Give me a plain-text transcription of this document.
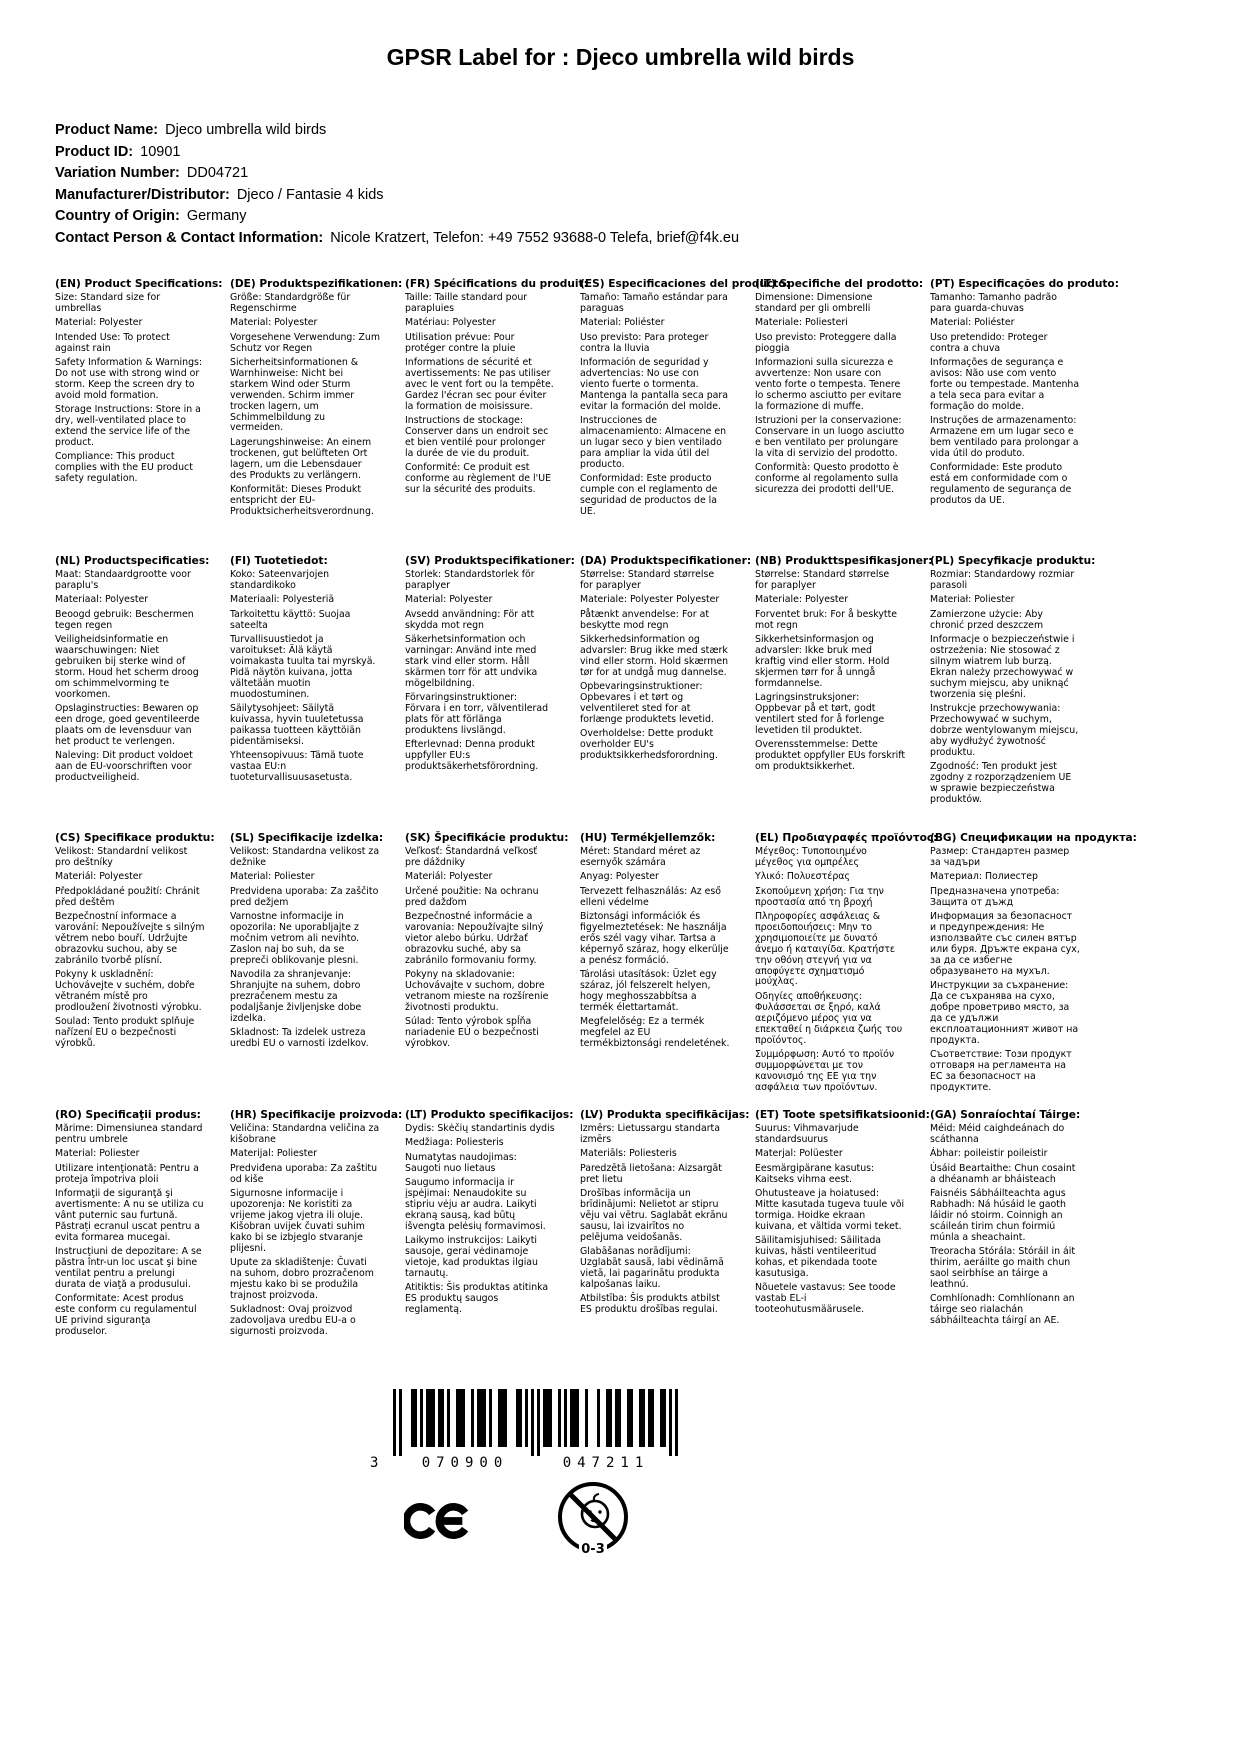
GPSR Label for : Djeco umbrella wild birds
Product Name: Djeco umbrella wild birds
Product ID: 10901
Variation Number: DD04721
Manufacturer/Distributor: Djeco / Fantasie 4 kids
Country of Origin: Germany
Contact Person & Contact Information: Nicole Kratzert, Telefon: +49 7552 93688-0 Telefa, brief@f4k.eu
(EN) Product Specifications:
Size: Standard size for umbrellas
Material: Polyester
Intended Use: To protect against rain
Safety Information & Warnings: Do not use with strong wind or storm. Keep the screen dry to avoid mold formation.
Storage Instructions: Store in a dry, well-ventilated place to extend the service life of the product.
Compliance: This product complies with the EU product safety regulation.
(DE) Produktspezifikationen:
Größe: Standardgröße für Regenschirme
Material: Polyester
Vorgesehene Verwendung: Zum Schutz vor Regen
Sicherheitsinformationen & Warnhinweise: Nicht bei starkem Wind oder Sturm verwenden. Schirm immer trocken lagern, um Schimmelbildung zu vermeiden.
Lagerungshinweise: An einem trockenen, gut belüfteten Ort lagern, um die Lebensdauer des Produkts zu verlängern.
Konformität: Dieses Produkt entspricht der EU-Produktsicherheitsverordnung.
(FR) Spécifications du produit:
Taille: Taille standard pour parapluies
Matériau: Polyester
Utilisation prévue: Pour protéger contre la pluie
Informations de sécurité et avertissements: Ne pas utiliser avec le vent fort ou la tempête. Gardez l'écran sec pour éviter la formation de moisissure.
Instructions de stockage: Conserver dans un endroit sec et bien ventilé pour prolonger la durée de vie du produit.
Conformité: Ce produit est conforme au règlement de l'UE sur la sécurité des produits.
(ES) Especificaciones del producto:
Tamaño: Tamaño estándar para paraguas
Material: Poliéster
Uso previsto: Para proteger contra la lluvia
Información de seguridad y advertencias: No use con viento fuerte o tormenta. Mantenga la pantalla seca para evitar la formación del molde.
Instrucciones de almacenamiento: Almacene en un lugar seco y bien ventilado para ampliar la vida útil del producto.
Conformidad: Este producto cumple con el reglamento de seguridad de productos de la UE.
(IT) Specifiche del prodotto:
Dimensione: Dimensione standard per gli ombrelli
Materiale: Poliesteri
Uso previsto: Proteggere dalla pioggia
Informazioni sulla sicurezza e avvertenze: Non usare con vento forte o tempesta. Tenere lo schermo asciutto per evitare la formazione di muffe.
Istruzioni per la conservazione: Conservare in un luogo asciutto e ben ventilato per prolungare la vita di servizio del prodotto.
Conformità: Questo prodotto è conforme al regolamento sulla sicurezza dei prodotti dell'UE.
(PT) Especificações do produto:
Tamanho: Tamanho padrão para guarda-chuvas
Material: Poliéster
Uso pretendido: Proteger contra a chuva
Informações de segurança e avisos: Não use com vento forte ou tempestade. Mantenha a tela seca para evitar a formação do molde.
Instruções de armazenamento: Armazene em um lugar seco e bem ventilado para prolongar a vida útil do produto.
Conformidade: Este produto está em conformidade com o regulamento de segurança de produtos da UE.
(NL) Productspecificaties:
Maat: Standaardgrootte voor paraplu's
Materiaal: Polyester
Beoogd gebruik: Beschermen tegen regen
Veiligheidsinformatie en waarschuwingen: Niet gebruiken bij sterke wind of storm. Houd het scherm droog om schimmelvorming te voorkomen.
Opslaginstructies: Bewaren op een droge, goed geventileerde plaats om de levensduur van het product te verlengen.
Naleving: Dit product voldoet aan de EU-voorschriften voor productveiligheid.
(FI) Tuotetiedot:
Koko: Sateenvarjojen standardikoko
Materiaali: Polyesteriä
Tarkoitettu käyttö: Suojaa sateelta
Turvallisuustiedot ja varoitukset: Älä käytä voimakasta tuulta tai myrskyä. Pidä näytön kuivana, jotta vältetään muotin muodostuminen.
Säilytysohjeet: Säilytä kuivassa, hyvin tuuletetussa paikassa tuotteen käyttöiän pidentämiseksi.
Yhteensopivuus: Tämä tuote vastaa EU:n tuoteturvallisuusasetusta.
(SV) Produktspecifikationer:
Storlek: Standardstorlek för paraplyer
Material: Polyester
Avsedd användning: För att skydda mot regn
Säkerhetsinformation och varningar: Använd inte med stark vind eller storm. Håll skärmen torr för att undvika mögelbildning.
Förvaringsinstruktioner: Förvara i en torr, välventilerad plats för att förlänga produktens livslängd.
Efterlevnad: Denna produkt uppfyller EU:s produktsäkerhetsförordning.
(DA) Produktspecifikationer:
Størrelse: Standard størrelse for paraplyer
Materiale: Polyester Polyester
Påtænkt anvendelse: For at beskytte mod regn
Sikkerhedsinformation og advarsler: Brug ikke med stærk vind eller storm. Hold skærmen tør for at undgå mug dannelse.
Opbevaringsinstruktioner: Opbevares i et tørt og velventileret sted for at forlænge produktets levetid.
Overholdelse: Dette produkt overholder EU's produktsikkerhedsforordning.
(NB) Produkttspesifikasjoner:
Størrelse: Standard størrelse for paraplyer
Materiale: Polyester
Forventet bruk: For å beskytte mot regn
Sikkerhetsinformasjon og advarsler: Ikke bruk med kraftig vind eller storm. Hold skjermen tørr for å unngå formdannelse.
Lagringsinstruksjoner: Oppbevar på et tørt, godt ventilert sted for å forlenge levetiden til produktet.
Overensstemmelse: Dette produktet oppfyller EUs forskrift om produktsikkerhet.
(PL) Specyfikacje produktu:
Rozmiar: Standardowy rozmiar parasoli
Materiał: Poliester
Zamierzone użycie: Aby chronić przed deszczem
Informacje o bezpieczeństwie i ostrzeżenia: Nie stosować z silnym wiatrem lub burzą. Ekran należy przechowywać w suchym miejscu, aby uniknąć tworzenia się pleśni.
Instrukcje przechowywania: Przechowywać w suchym, dobrze wentylowanym miejscu, aby wydłużyć żywotność produktu.
Zgodność: Ten produkt jest zgodny z rozporządzeniem UE w sprawie bezpieczeństwa produktów.
(CS) Specifikace produktu:
Velikost: Standardní velikost pro deštníky
Materiál: Polyester
Předpokládané použití: Chránit před deštěm
Bezpečnostní informace a varování: Nepoužívejte s silným větrem nebo bouří. Udržujte obrazovku suchou, aby se zabránilo tvorbě plísní.
Pokyny k uskladnění: Uchovávejte v suchém, dobře větraném místě pro prodloužení životnosti výrobku.
Soulad: Tento produkt splňuje nařízení EU o bezpečnosti výrobků.
(SL) Specifikacije izdelka:
Velikost: Standardna velikost za dežnike
Material: Poliester
Predvidena uporaba: Za zaščito pred dežjem
Varnostne informacije in opozorila: Ne uporabljajte z močnim vetrom ali nevihto. Zaslon naj bo suh, da se prepreči oblikovanje plesni.
Navodila za shranjevanje: Shranjujte na suhem, dobro prezračenem mestu za podaljšanje življenjske dobe izdelka.
Skladnost: Ta izdelek ustreza uredbi EU o varnosti izdelkov.
(SK) Špecifikácie produktu:
Veľkosť: Štandardná veľkosť pre dáždniky
Materiál: Polyester
Určené použitie: Na ochranu pred dažďom
Bezpečnostné informácie a varovania: Nepoužívajte silný vietor alebo búrku. Udržať obrazovku suché, aby sa zabránilo formovaniu formy.
Pokyny na skladovanie: Uchovávajte v suchom, dobre vetranom mieste na rozšírenie životnosti produktu.
Súlad: Tento výrobok spĺňa nariadenie EÚ o bezpečnosti výrobkov.
(HU) Termékjellemzők:
Méret: Standard méret az esernyők számára
Anyag: Polyester
Tervezett felhasználás: Az eső elleni védelme
Biztonsági információk és figyelmeztetések: Ne használja erős szél vagy vihar. Tartsa a képernyő száraz, hogy elkerülje a penész formáció.
Tárolási utasítások: Üzlet egy száraz, jól felszerelt helyen, hogy meghosszabbítsa a termék élettartamát.
Megfelelőség: Ez a termék megfelel az EU termékbiztonsági rendeletének.
(EL) Προδιαγραφές προϊόντος:
Μέγεθος: Τυποποιημένο μέγεθος για ομπρέλες
Υλικό: Πολυεστέρας
Σκοπούμενη χρήση: Για την προστασία από τη βροχή
Πληροφορίες ασφάλειας & προειδοποιήσεις: Μην το χρησιμοποιείτε με δυνατό άνεμο ή καταιγίδα. Κρατήστε την οθόνη στεγνή για να αποφύγετε σχηματισμό μούχλας.
Οδηγίες αποθήκευσης: Φυλάσσεται σε ξηρό, καλά αεριζόμενο μέρος για να επεκταθεί η διάρκεια ζωής του προϊόντος.
Συμμόρφωση: Αυτό το προϊόν συμμορφώνεται με τον κανονισμό της ΕΕ για την ασφάλεια των προϊόντων.
(BG) Спецификации на продукта:
Размер: Стандартен размер за чадъри
Материал: Полиестер
Предназначена употреба: Защита от дъжд
Информация за безопасност и предупреждения: Не използвайте със силен вятър или буря. Дръжте екрана сух, за да се избегне образуването на мухъл.
Инструкции за съхранение: Да се съхранява на сухо, добре проветриво място, за да се удължи експлоатационният живот на продукта.
Съответствие: Този продукт отговаря на регламента на ЕС за безопасност на продуктите.
(RO) Specificaţii produs:
Mărime: Dimensiunea standard pentru umbrele
Material: Poliester
Utilizare intenţionată: Pentru a proteja împotriva ploii
Informaţii de siguranţă şi avertismente: A nu se utiliza cu vânt puternic sau furtună. Păstrați ecranul uscat pentru a evita formarea mucegai.
Instrucţiuni de depozitare: A se păstra într-un loc uscat şi bine ventilat pentru a prelungi durata de viaţă a produsului.
Conformitate: Acest produs este conform cu regulamentul UE privind siguranţa produselor.
(HR) Specifikacije proizvoda:
Veličina: Standardna veličina za kišobrane
Materijal: Poliester
Predviđena uporaba: Za zaštitu od kiše
Sigurnosne informacije i upozorenja: Ne koristiti za vrijeme jakog vjetra ili oluje. Kišobran uvijek čuvati suhim kako bi se izbjeglo stvaranje plijesni.
Upute za skladištenje: Čuvati na suhom, dobro prozračenom mjestu kako bi se produžila trajnost proizvoda.
Sukladnost: Ovaj proizvod zadovoljava uredbu EU-a o sigurnosti proizvoda.
(LT) Produkto specifikacijos:
Dydis: Skėčių standartinis dydis
Medžiaga: Poliesteris
Numatytas naudojimas: Saugoti nuo lietaus
Saugumo informacija ir įspėjimai: Nenaudokite su stipriu vėju ar audra. Laikyti ekraną sausą, kad būtų išvengta pelėsių formavimosi.
Laikymo instrukcijos: Laikyti sausoje, gerai vėdinamoje vietoje, kad produktas ilgiau tarnautų.
Atitiktis: Šis produktas atitinka ES produktų saugos reglamentą.
(LV) Produkta specifikācijas:
Izmērs: Lietussargu standarta izmērs
Materiāls: Poliesteris
Paredzētā lietošana: Aizsargāt pret lietu
Drošības informācija un brīdinājumi: Nelietot ar stipru vēju vai vētru. Saglabāt ekrānu sausu, lai izvairītos no pelējuma veidošanās.
Glabāšanas norādījumi: Uzglabāt sausā, labi vēdināmā vietā, lai pagarinātu produkta kalpošanas laiku.
Atbilstība: Šis produkts atbilst ES produktu drošības regulai.
(ET) Toote spetsifikatsioonid:
Suurus: Vihmavarjude standardsuurus
Materjal: Polüester
Eesmärgipärane kasutus: Kaitseks vihma eest.
Ohutusteave ja hoiatused: Mitte kasutada tugeva tuule või tormiga. Hoidke ekraan kuivana, et vältida vormi teket.
Säilitamisjuhised: Säilitada kuivas, hästi ventileeritud kohas, et pikendada toote kasutusiga.
Nõuetele vastavus: See toode vastab EL-i tooteohutusmäärusele.
(GA) Sonraíochtaí Táirge:
Méid: Méid caighdeánach do scáthanna
Ábhar: poileistir poileistir
Úsáid Beartaithe: Chun cosaint a dhéanamh ar bháisteach
Faisnéis Sábháilteachta agus Rabhadh: Ná húsáid le gaoth láidir nó stoirm. Coinnigh an scáileán tirim chun foirmiú múnla a sheachaint.
Treoracha Stórála: Stóráil in áit thirim, aeráilte go maith chun saol seirbhíse an táirge a leathnú.
Comhlíonadh: Comhlíonann an táirge seo rialachán sábháilteachta táirgí an AE.
3	070900	047211
0-3
